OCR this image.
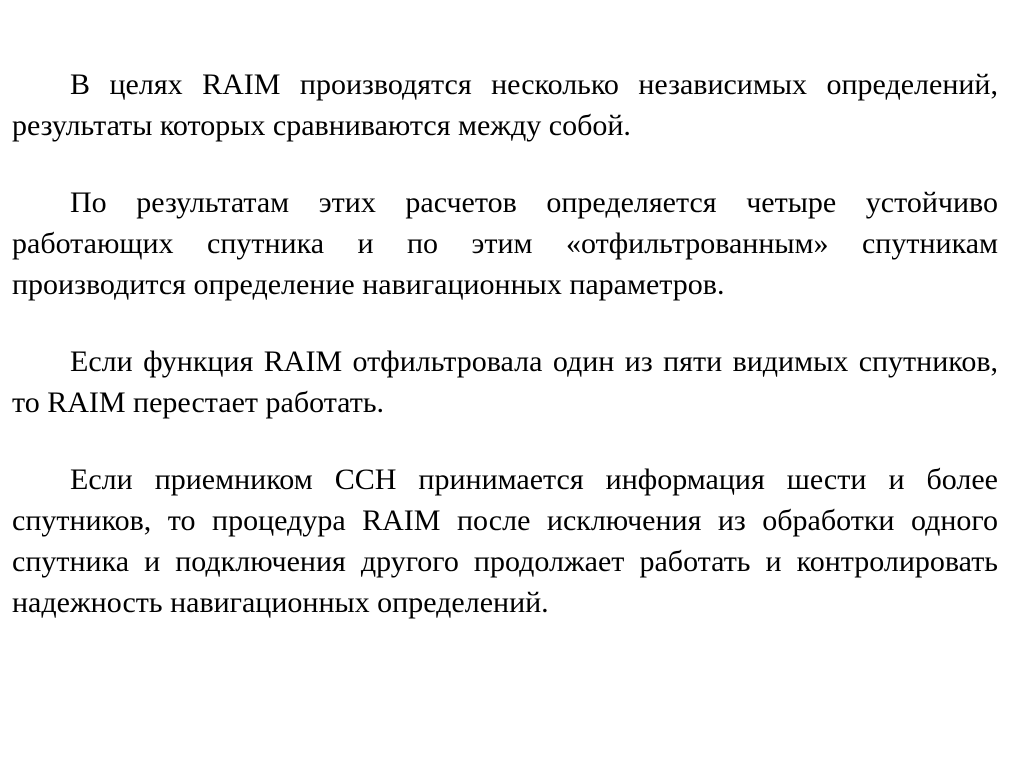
В целях RAIM производятся несколько независимых определений, результаты которых сравниваются между собой.

По результатам этих расчетов определяется четыре устойчиво работающих спутника и по этим «отфильтрованным» спутникам производится определение навигационных параметров.

Если функция RAIM отфильтровала один из пяти видимых спутников, то RAIM перестает работать.

Если приемником ССН принимается информация шести и более спутников, то процедура RAIM после исключения из обработки одного спутника и подключения другого продолжает работать и контролировать надежность навигационных определений.
